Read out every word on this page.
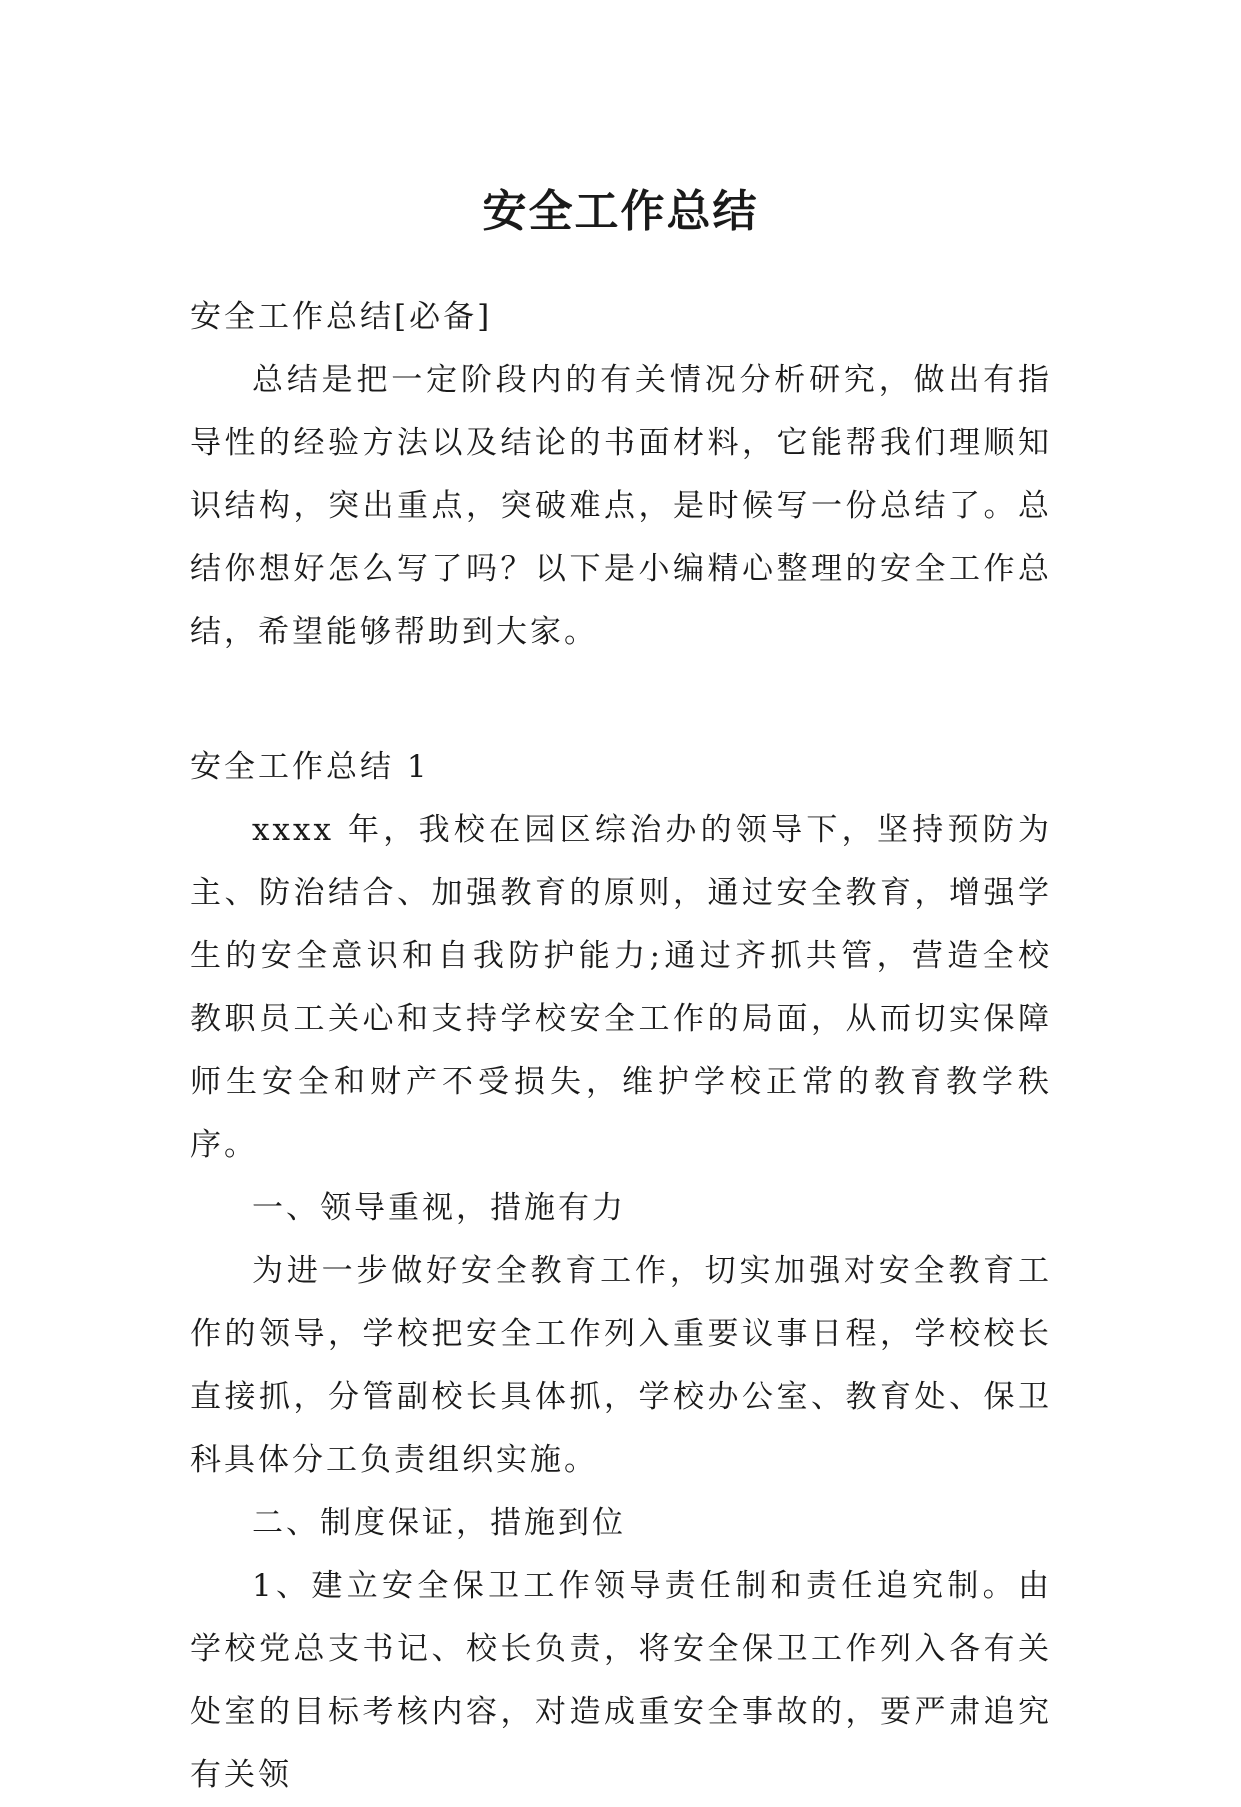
安全工作总结

安全工作总结[必备]

总结是把一定阶段内的有关情况分析研究，做出有指导性的经验方法以及结论的书面材料，它能帮我们理顺知识结构，突出重点，突破难点，是时候写一份总结了。总结你想好怎么写了吗？以下是小编精心整理的安全工作总结，希望能够帮助到大家。

安全工作总结 1

xxxx 年，我校在园区综治办的领导下，坚持预防为主、防治结合、加强教育的原则，通过安全教育，增强学生的安全意识和自我防护能力;通过齐抓共管，营造全校教职员工关心和支持学校安全工作的局面，从而切实保障师生安全和财产不受损失，维护学校正常的教育教学秩序。

一、领导重视，措施有力

为进一步做好安全教育工作，切实加强对安全教育工作的领导，学校把安全工作列入重要议事日程，学校校长直接抓，分管副校长具体抓，学校办公室、教育处、保卫科具体分工负责组织实施。

二、制度保证，措施到位

1、建立安全保卫工作领导责任制和责任追究制。由学校党总支书记、校长负责，将安全保卫工作列入各有关处室的目标考核内容，对造成重安全事故的，要严肃追究有关领
